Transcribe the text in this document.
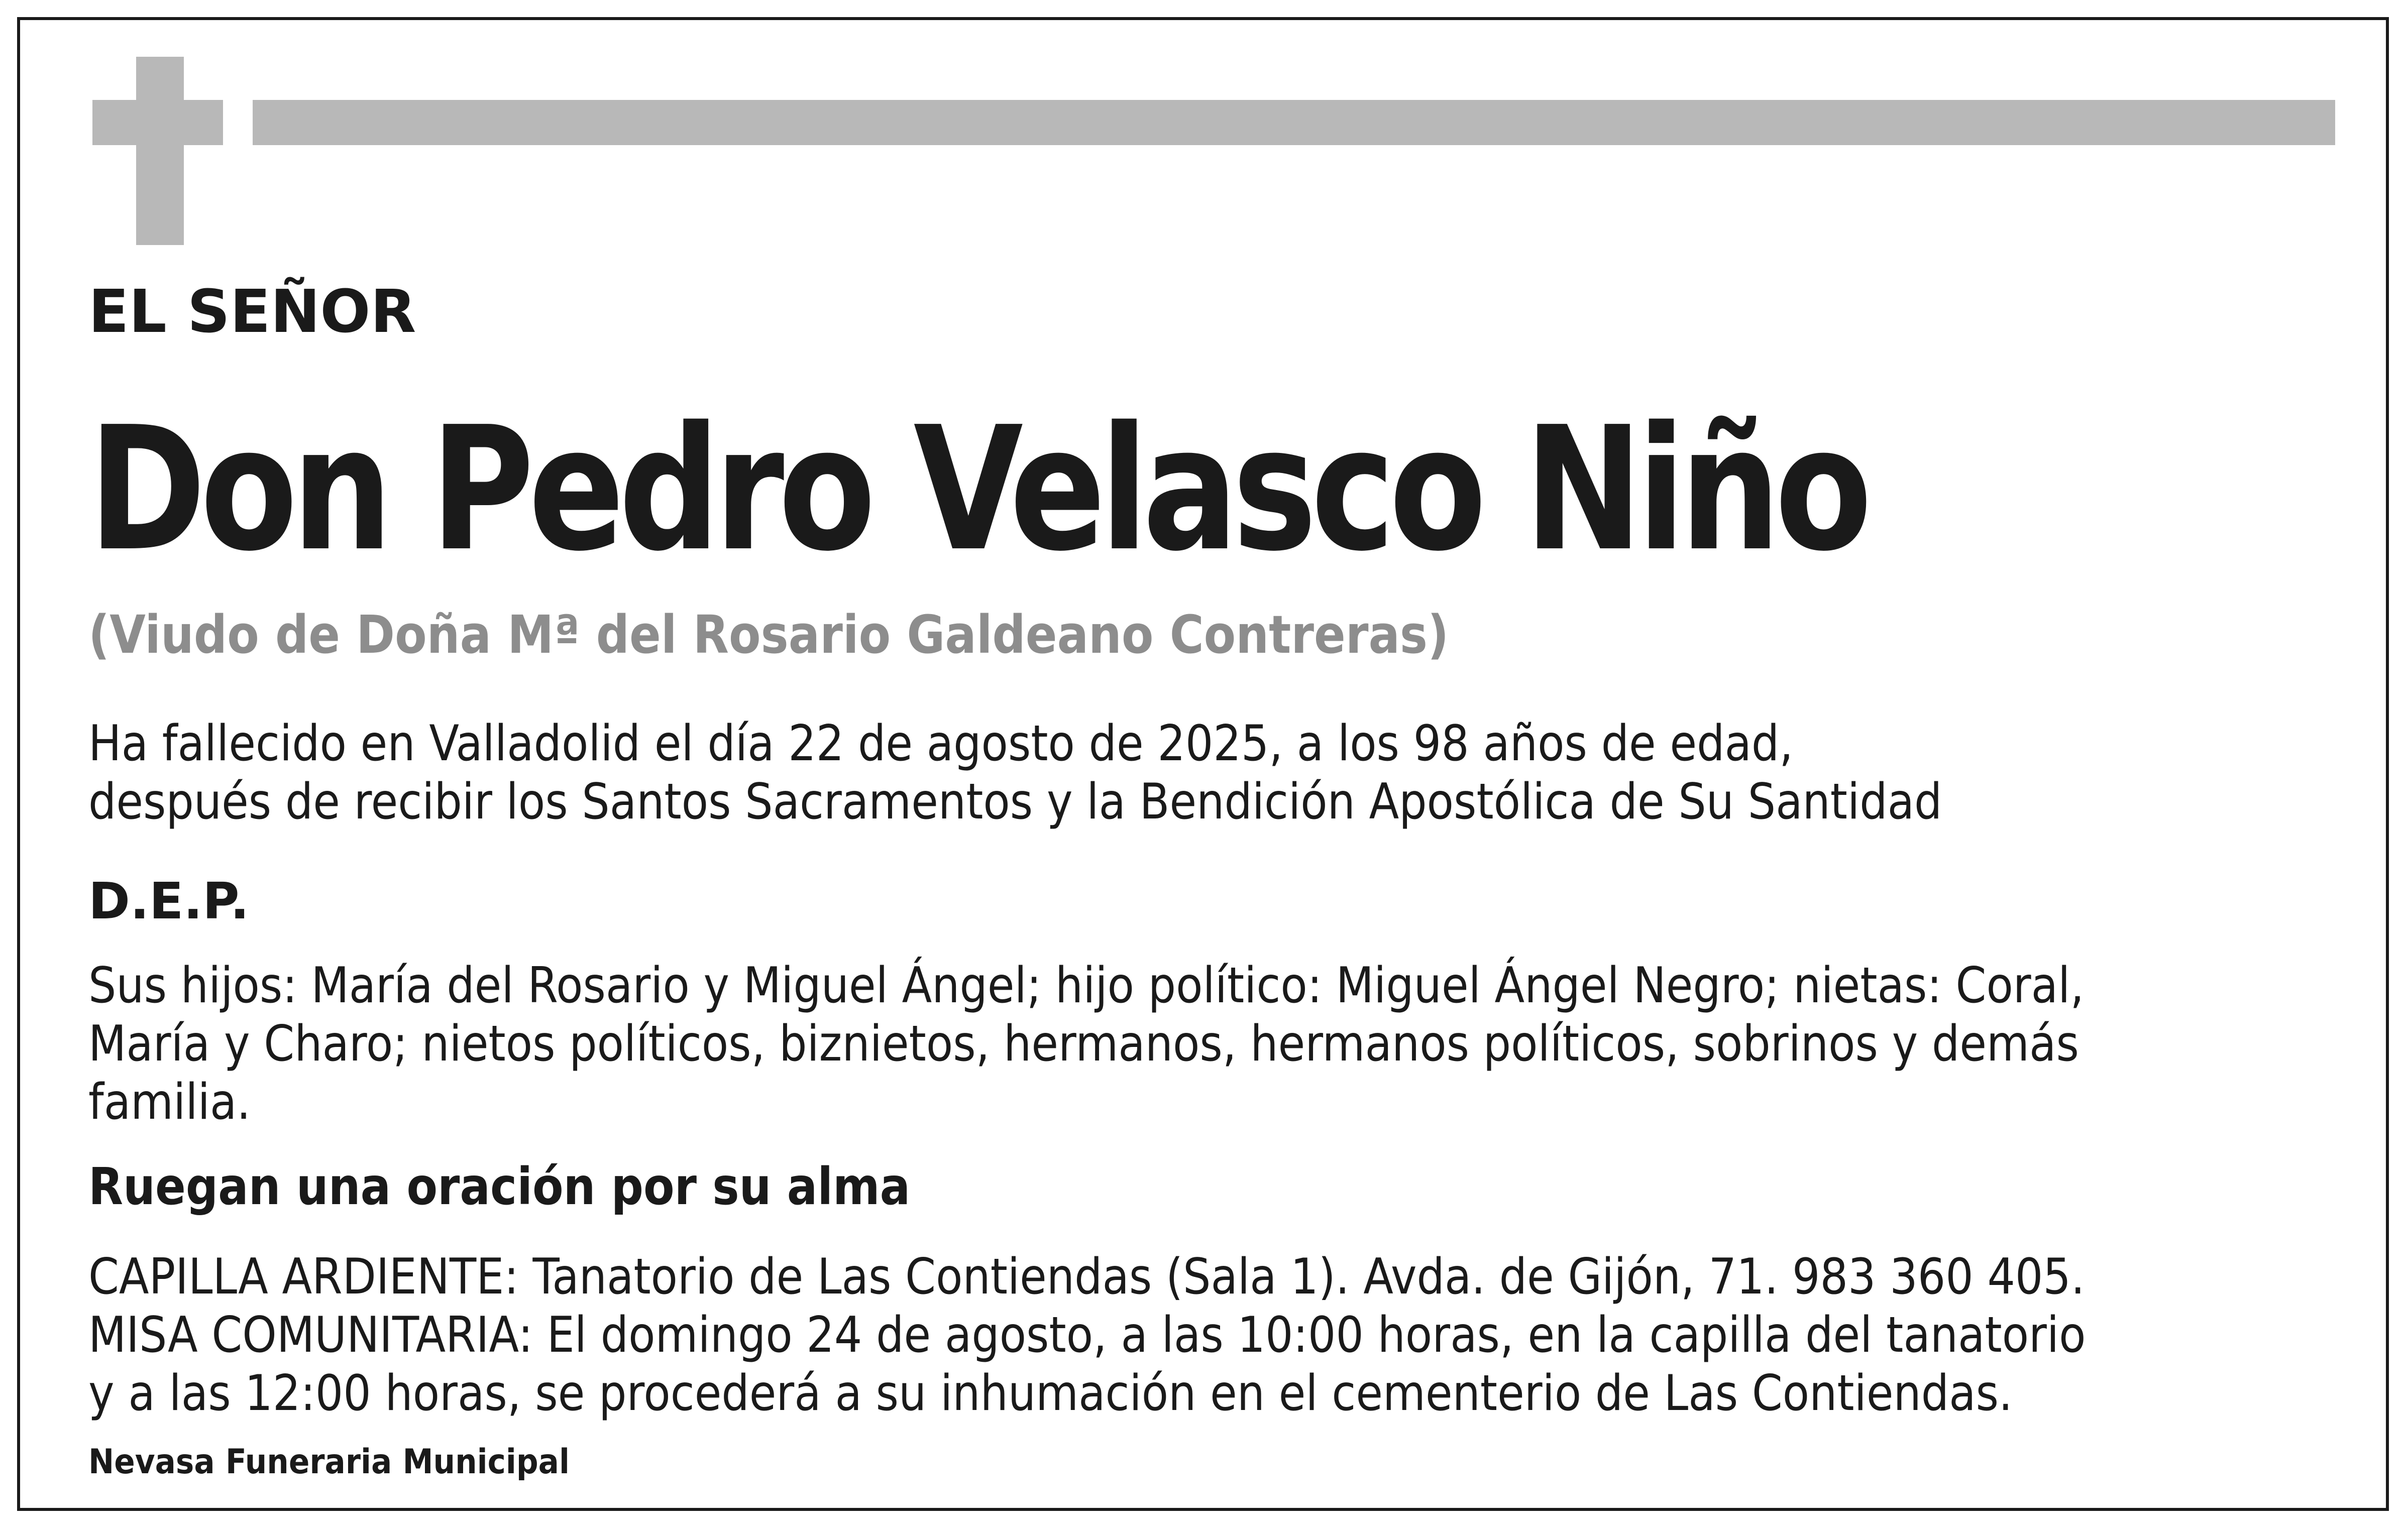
EL SEÑOR

Don Pedro Velasco Niño

(Viudo de Doña Mª del Rosario Galdeano Contreras)

Ha fallecido en Valladolid el día 22 de agosto de 2025, a los 98 años de edad,
después de recibir los Santos Sacramentos y la Bendición Apostólica de Su Santidad

D.E.P.

Sus hijos: María del Rosario y Miguel Ángel; hijo político: Miguel Ángel Negro; nietas: Coral,
María y Charo; nietos políticos, biznietos, hermanos, hermanos políticos, sobrinos y demás
familia.

Ruegan una oración por su alma

CAPILLA ARDIENTE: Tanatorio de Las Contiendas (Sala 1). Avda. de Gijón, 71. 983 360 405.
MISA COMUNITARIA: El domingo 24 de agosto, a las 10:00 horas, en la capilla del tanatorio
y a las 12:00 horas, se procederá a su inhumación en el cementerio de Las Contiendas.

Nevasa Funeraria Municipal
